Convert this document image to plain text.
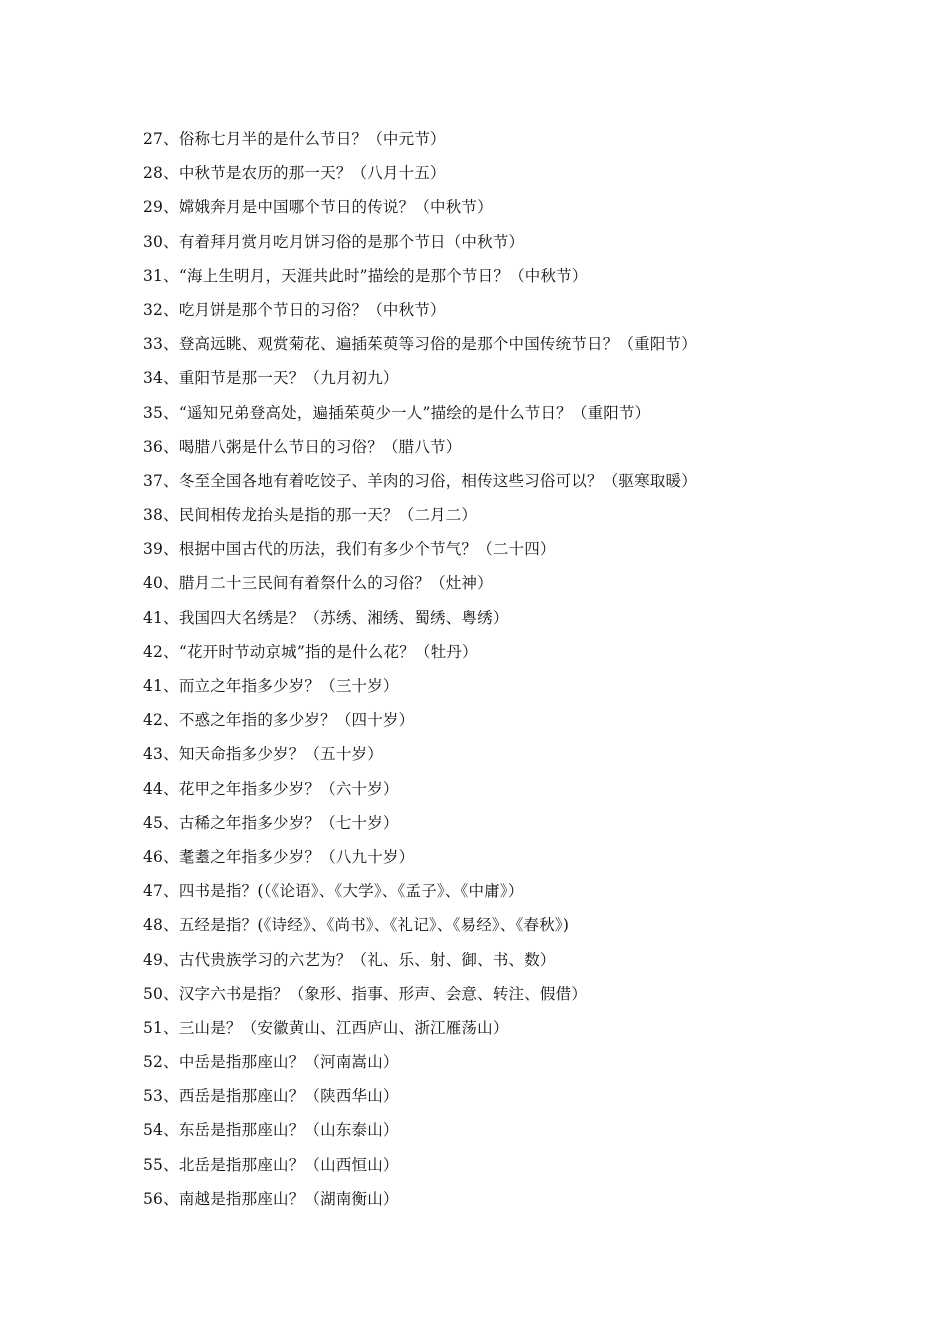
27、俗称七月半的是什么节日？（中元节）
28、中秋节是农历的那一天？（八月十五）
29、嫦娥奔月是中国哪个节日的传说？（中秋节）
30、有着拜月赏月吃月饼习俗的是那个节日（中秋节）
31、“海上生明月，天涯共此时”描绘的是那个节日？（中秋节）
32、吃月饼是那个节日的习俗？（中秋节）
33、登高远眺、观赏菊花、遍插茱萸等习俗的是那个中国传统节日？（重阳节）
34、重阳节是那一天？（九月初九）
35、“遥知兄弟登高处，遍插茱萸少一人”描绘的是什么节日？（重阳节）
36、喝腊八粥是什么节日的习俗？（腊八节）
37、冬至全国各地有着吃饺子、羊肉的习俗，相传这些习俗可以？（驱寒取暖）
38、民间相传龙抬头是指的那一天？（二月二）
39、根据中国古代的历法，我们有多少个节气？（二十四）
40、腊月二十三民间有着祭什么的习俗？（灶神）
41、我国四大名绣是？（苏绣、湘绣、蜀绣、粤绣）
42、“花开时节动京城”指的是什么花？（牡丹）
41、而立之年指多少岁？（三十岁）
42、不惑之年指的多少岁？（四十岁）
43、知天命指多少岁？（五十岁）
44、花甲之年指多少岁？（六十岁）
45、古稀之年指多少岁？（七十岁）
46、耄耋之年指多少岁？（八九十岁）
47、四书是指？(（《论语》、《大学》、《孟子》、《中庸》）
48、五经是指？(《诗经》、《尚书》、《礼记》、《易经》、《春秋》)
49、古代贵族学习的六艺为？（礼、乐、射、御、书、数）
50、汉字六书是指？（象形、指事、形声、会意、转注、假借）
51、三山是？（安徽黄山、江西庐山、浙江雁荡山）
52、中岳是指那座山？（河南嵩山）
53、西岳是指那座山？（陕西华山）
54、东岳是指那座山？（山东泰山）
55、北岳是指那座山？（山西恒山）
56、南越是指那座山？（湖南衡山）
